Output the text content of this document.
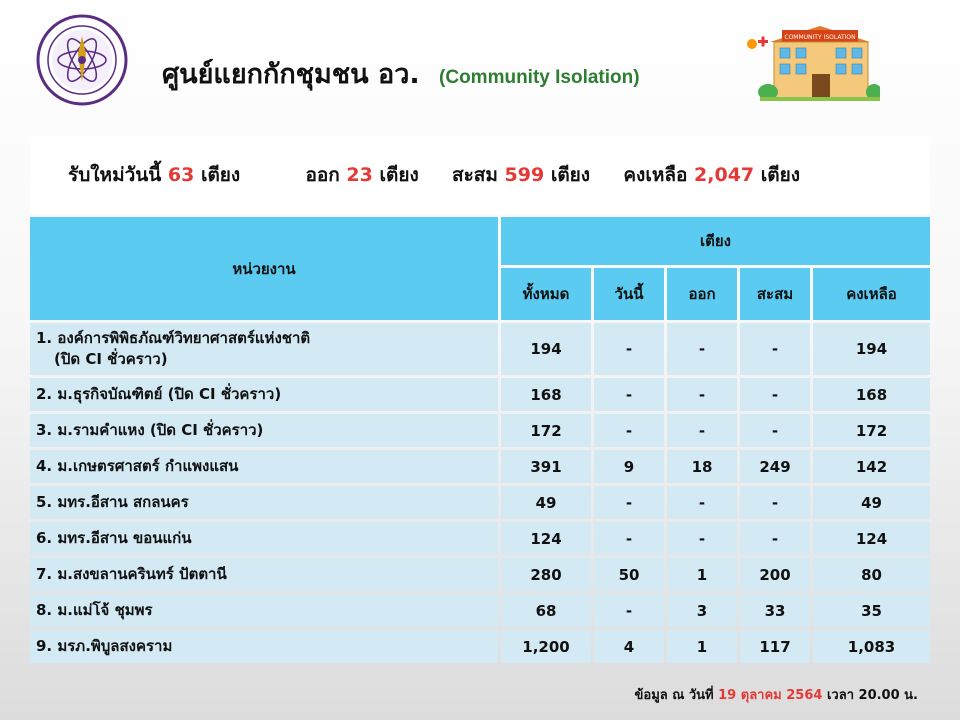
ศูนย์แยกกักชุมชน อว. (Community Isolation)
COMMUNITY ISOLATION
รับใหม่วันนี้ 63 เตียง	ออก 23 เตียง สะสม 599 เตียง คงเหลือ 2,047 เตียง
หน่วยงาน	เตียง				
	ทั้งหมด	วันนี้	ออก	สะสม	คงเหลือ

1. องค์การพิพิธภัณฑ์วิทยาศาสตร์แห่งชาติ
(ปิด CI ชั่วคราว)	194	-	-	-	194
2. ม.ธุรกิจบัณฑิตย์ (ปิด CI ชั่วคราว)	168	-	-	-	168
3. ม.รามคำแหง (ปิด CI ชั่วคราว)	172	-	-	-	172
4. ม.เกษตรศาสตร์ กำแพงแสน	391	9	18	249	142
5. มทร.อีสาน สกลนคร	49	-	-	-	49
6. มทร.อีสาน ขอนแก่น	124	-	-	-	124
7. ม.สงขลานครินทร์ ปัตตานี	280	50	1	200	80
8. ม.แม่โจ้ ชุมพร	68	-	3	33	35
9. มรภ.พิบูลสงคราม	1,200	4	1	117	1,083
ข้อมูล ณ วันที่ 19 ตุลาคม 2564 เวลา 20.00 น.
